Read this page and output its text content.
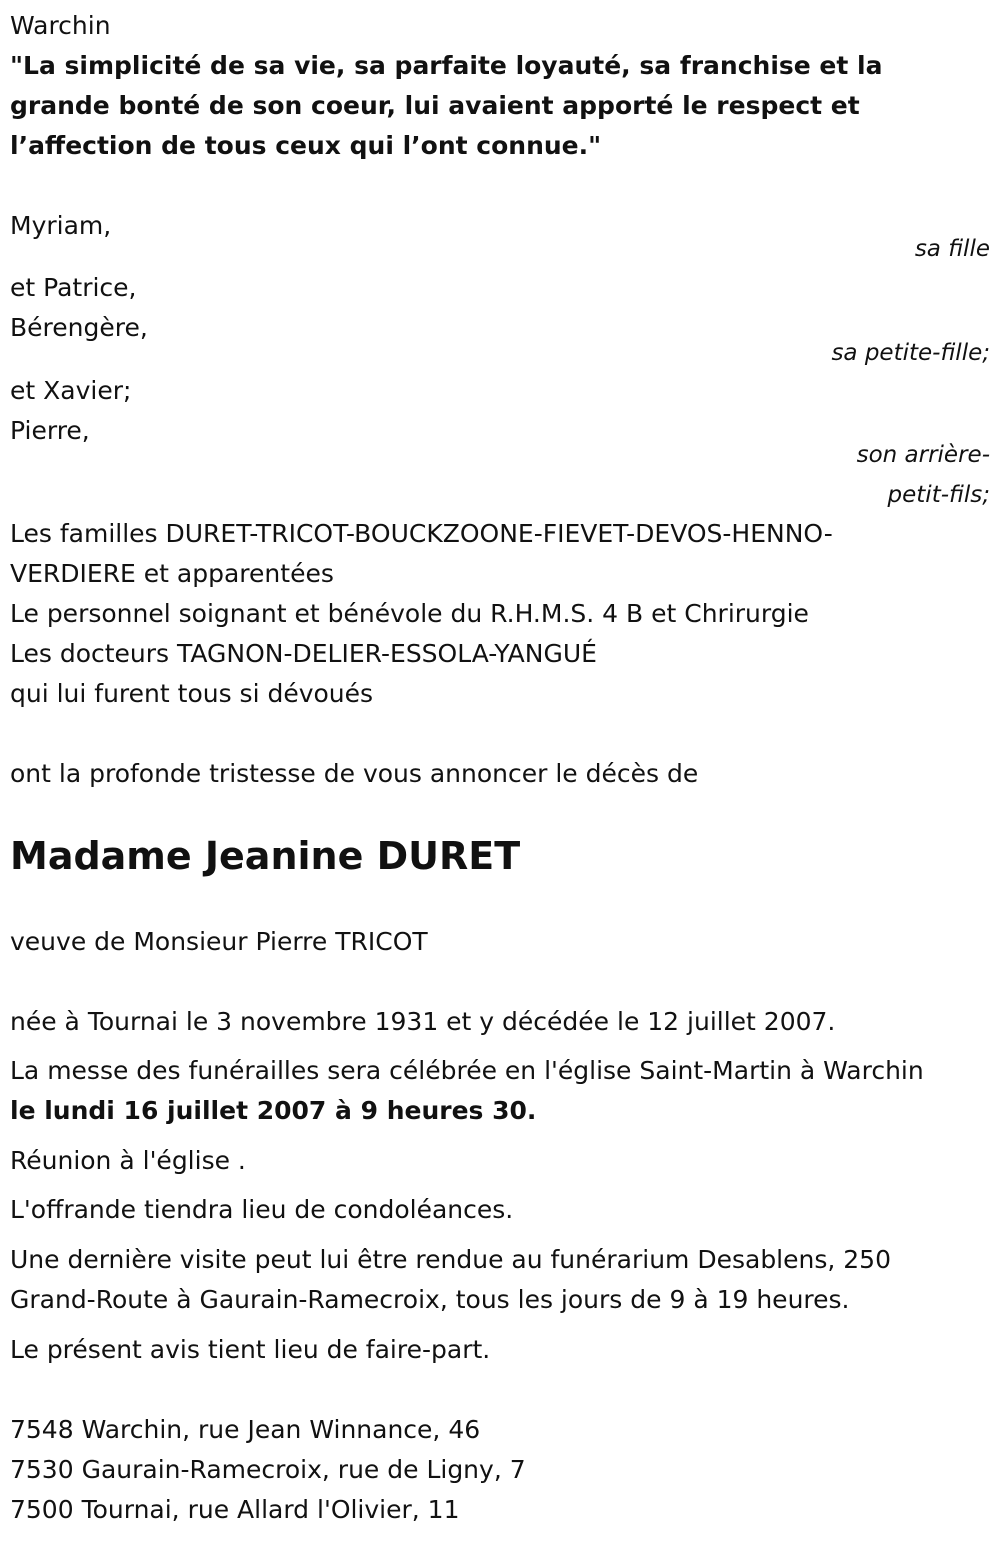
Warchin
"La simplicité de sa vie, sa parfaite loyauté, sa franchise et la grande bonté de son coeur, lui avaient apporté le respect et l’affection de tous ceux qui l’ont connue."
Myriam,
sa fille
et Patrice,
Bérengère,
sa petite-fille;
et Xavier;
Pierre,
son arrière-
petit-fils;
Les familles DURET-TRICOT-BOUCKZOONE-FIEVET-DEVOS-HENNO-
VERDIERE et apparentées
Le personnel soignant et bénévole du R.H.M.S. 4 B et Chrirurgie
Les docteurs TAGNON-DELIER-ESSOLA-YANGUÉ
qui lui furent tous si dévoués
ont la profonde tristesse de vous annoncer le décès de
Madame Jeanine DURET
veuve de Monsieur Pierre TRICOT
née à Tournai le 3 novembre 1931 et y décédée le 12 juillet 2007.
La messe des funérailles sera célébrée en l'église Saint-Martin à Warchin
le lundi 16 juillet 2007 à 9 heures 30.
Réunion à l'église .
L'offrande tiendra lieu de condoléances.
Une dernière visite peut lui être rendue au funérarium Desablens, 250
Grand-Route à Gaurain-Ramecroix, tous les jours de 9 à 19 heures.
Le présent avis tient lieu de faire-part.
7548 Warchin, rue Jean Winnance, 46
7530 Gaurain-Ramecroix, rue de Ligny, 7
7500 Tournai, rue Allard l'Olivier, 11
